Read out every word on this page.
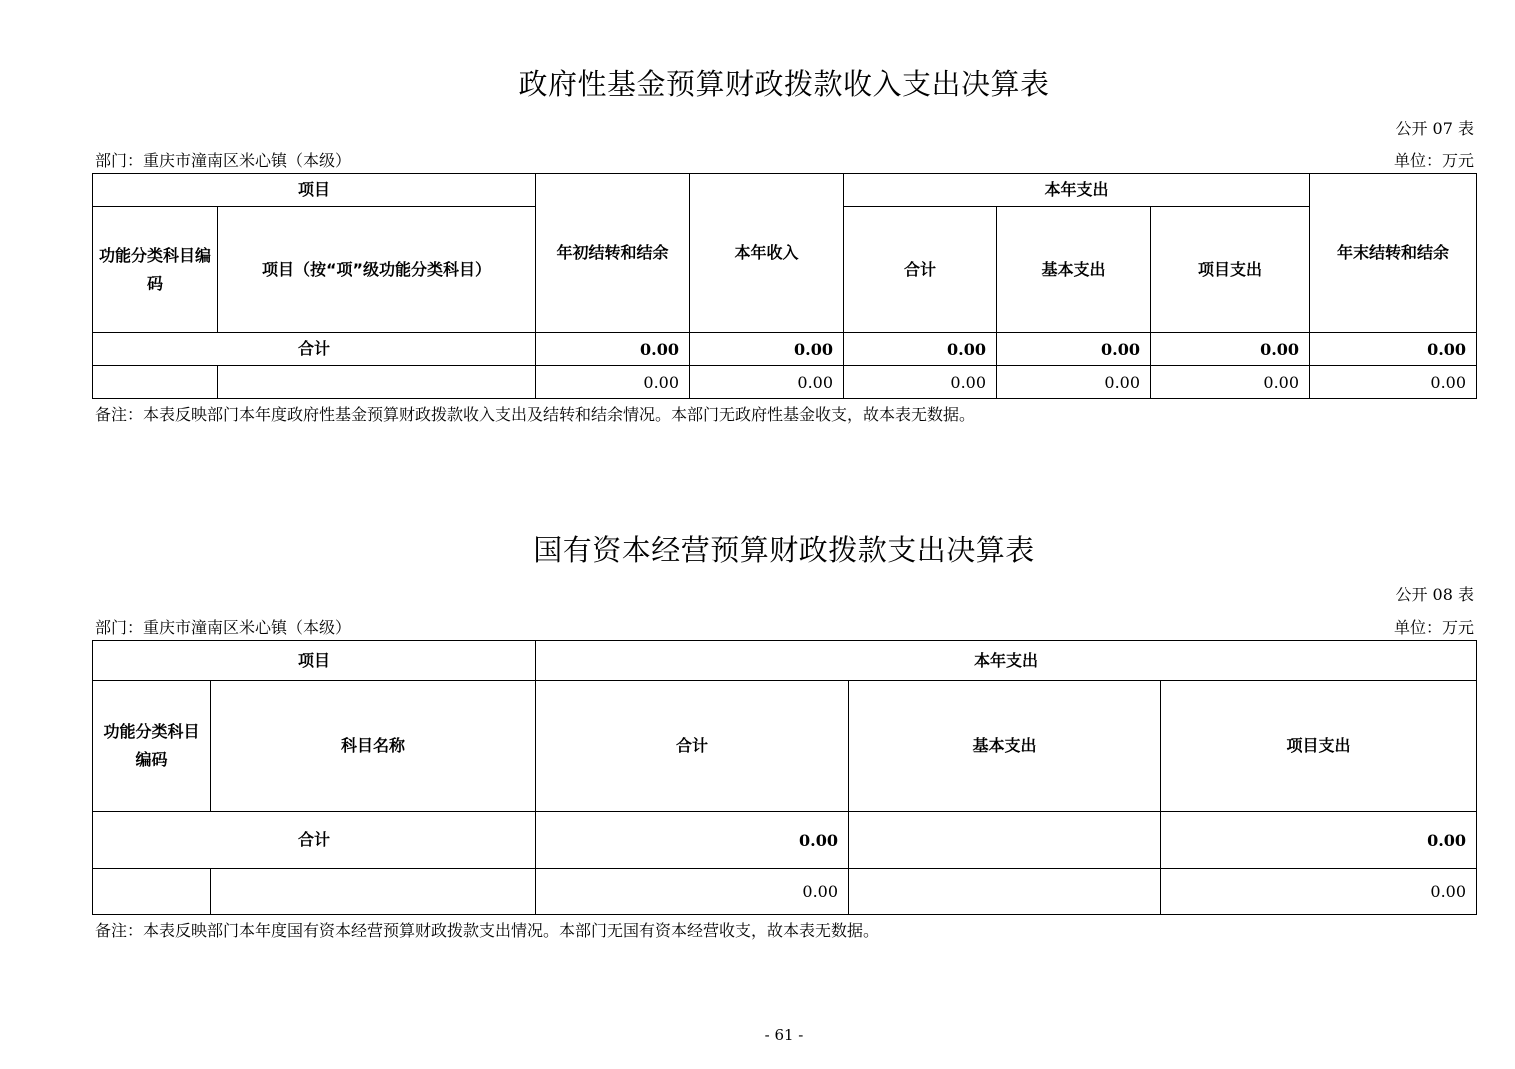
政府性基金预算财政拨款收入支出决算表
公开 07 表
部门：重庆市潼南区米心镇（本级）	单位：万元
项目		年初结转和结余	本年收入	本年支出			年末结转和结余
功能分类科目编码	项目（按“项”级功能分类科目）			合计	基本支出	项目支出	
合计		0.00	0.00	0.00	0.00	0.00	0.00
		0.00	0.00	0.00	0.00	0.00	0.00
备注：本表反映部门本年度政府性基金预算财政拨款收入支出及结转和结余情况。本部门无政府性基金收支，故本表无数据。
国有资本经营预算财政拨款支出决算表
公开 08 表
部门：重庆市潼南区米心镇（本级）	单位：万元
项目		本年支出		
功能分类科目编码	科目名称	合计	基本支出	项目支出
合计		0.00		0.00
		0.00		0.00
备注：本表反映部门本年度国有资本经营预算财政拨款支出情况。本部门无国有资本经营收支，故本表无数据。
- 61 -
